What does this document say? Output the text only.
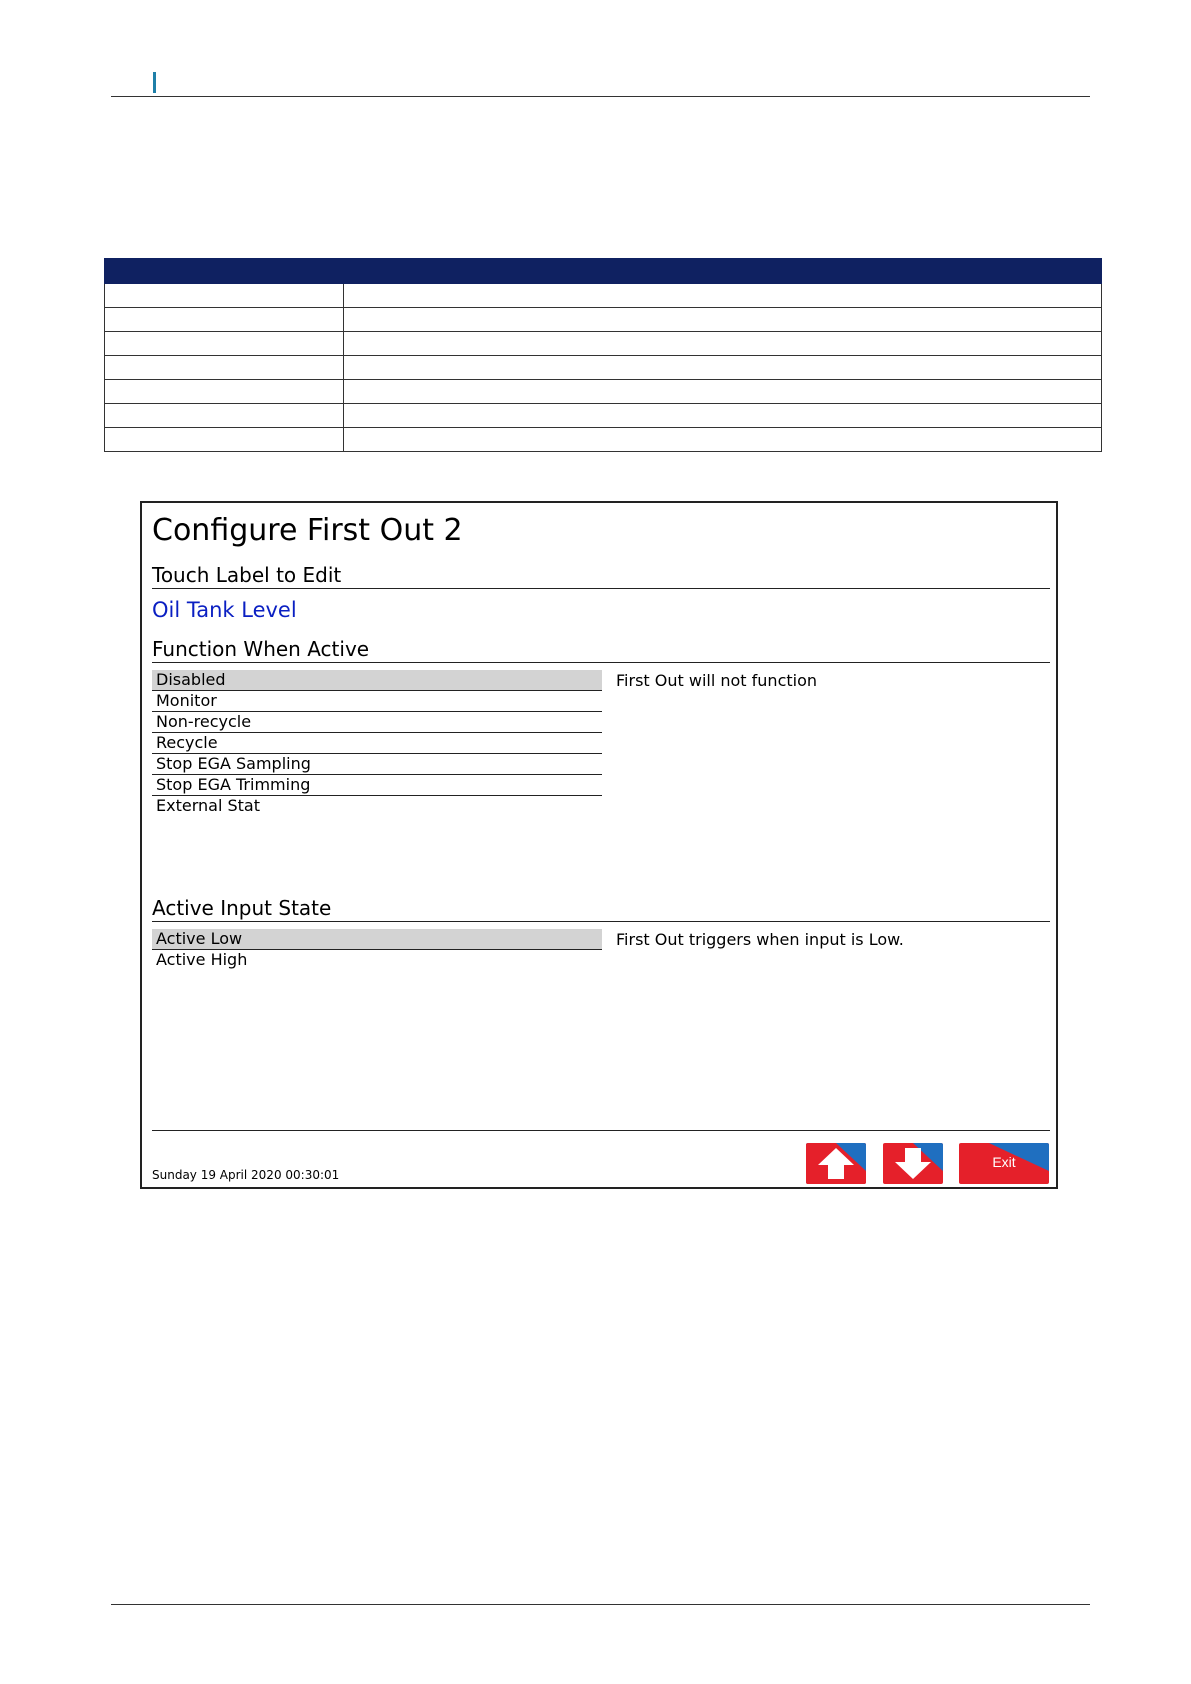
Configure First Out 2
Touch Label to Edit
Oil Tank Level
Function When Active
Disabled
Monitor
Non-recycle
Recycle
Stop EGA Sampling
Stop EGA Trimming
External Stat
First Out will not function
Active Input State
Active Low
Active High
First Out triggers when input is Low.
Sunday 19 April 2020 00:30:01
Exit
